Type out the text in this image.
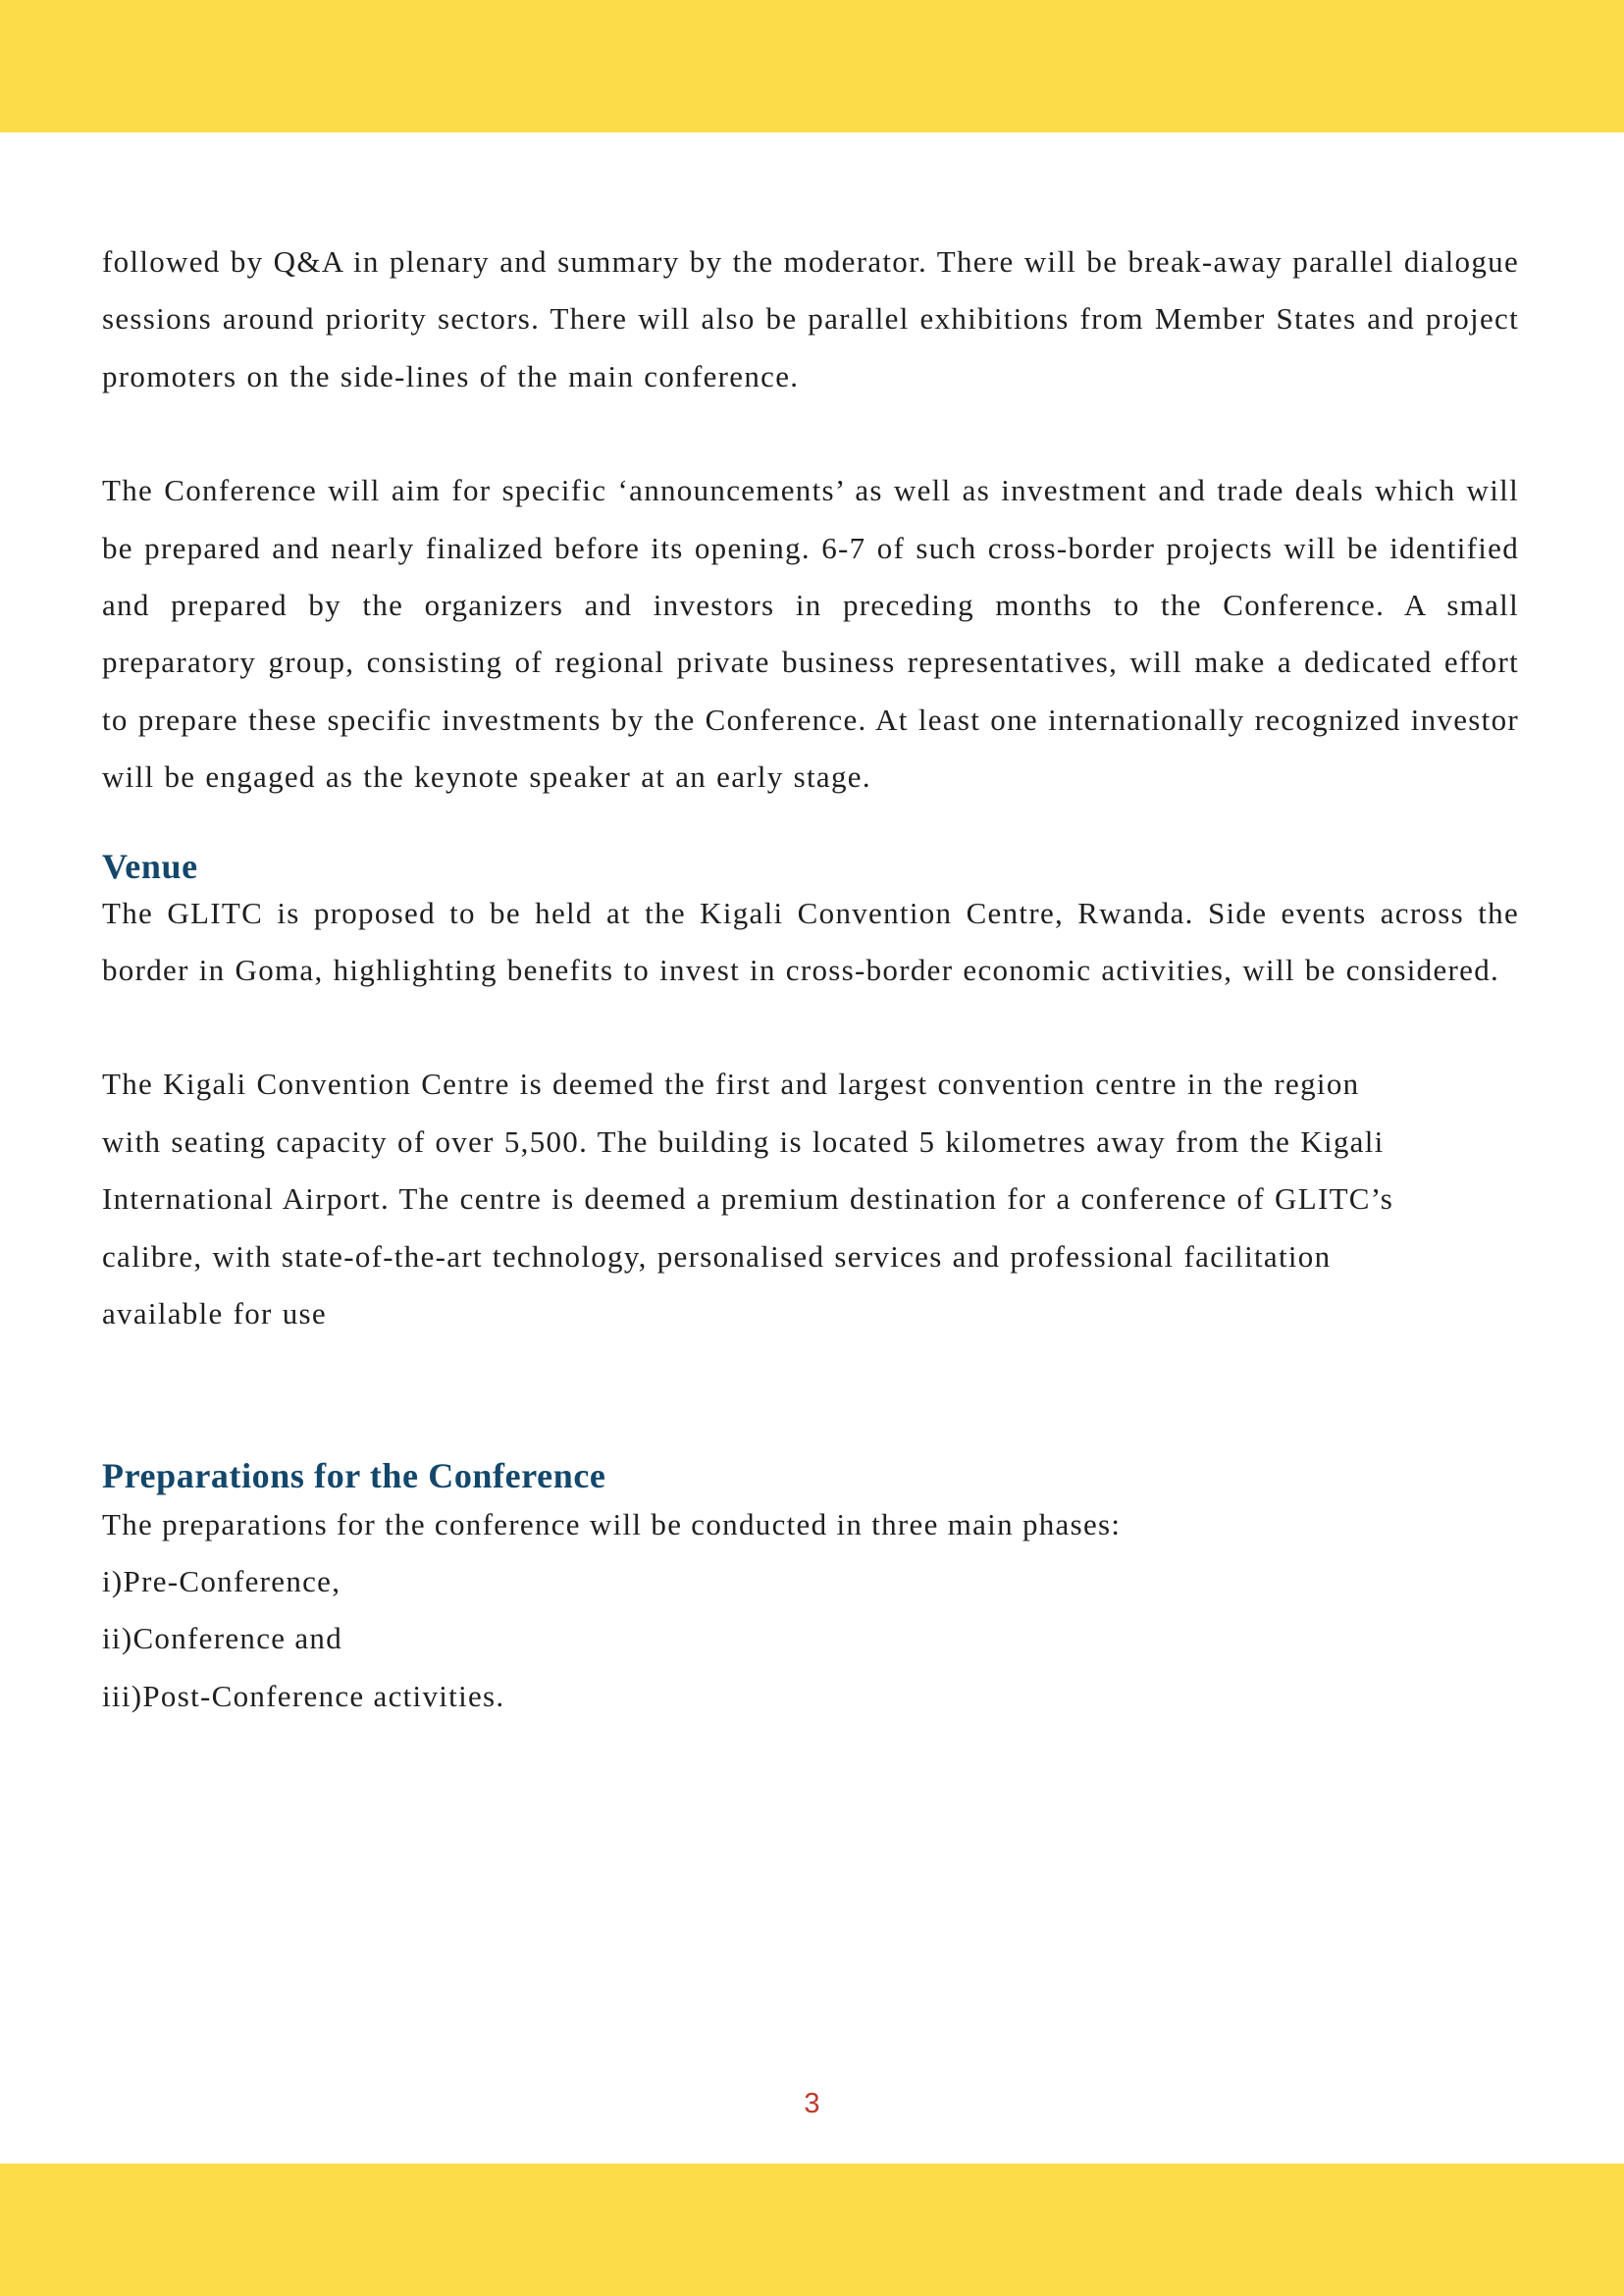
followed by Q&A in plenary and summary by the moderator. There will be break-away parallel dialogue sessions around priority sectors. There will also be parallel exhibitions from Member States and project promoters on the side-lines of the main conference.

The Conference will aim for specific ‘announcements’ as well as investment and trade deals which will be prepared and nearly finalized before its opening. 6-7 of such cross-border projects will be identified and prepared by the organizers and investors in preceding months to the Conference. A small preparatory group, consisting of regional private business representatives, will make a dedicated effort to prepare these specific investments by the Conference. At least one internationally recognized investor will be engaged as the keynote speaker at an early stage.

Venue

The GLITC is proposed to be held at the Kigali Convention Centre, Rwanda. Side events across the border in Goma, highlighting benefits to invest in cross-border economic activities, will be considered.

The Kigali Convention Centre is deemed the first and largest convention centre in the region

with seating capacity of over 5,500. The building is located 5 kilometres away from the Kigali

International Airport. The centre is deemed a premium destination for a conference of GLITC’s

calibre, with state-of-the-art technology, personalised services and professional facilitation

available for use

Preparations for the Conference

The preparations for the conference will be conducted in three main phases:

i)Pre-Conference,

ii)Conference and

iii)Post-Conference activities.

3
